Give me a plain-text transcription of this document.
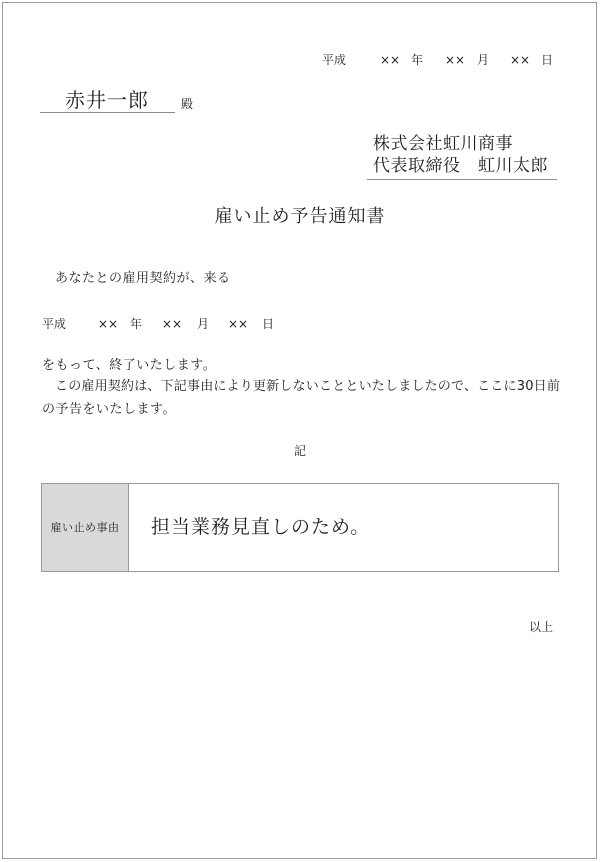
平成	×× 年 ×× 月 ×× 日
赤井一郎	殿
株式会社虹川商事
代表取締役　虹川太郎
雇い止め予告通知書
あなたとの雇用契約が、来る
平成	×× 年 ×× 月 ×× 日
をもって、終了いたします。
この雇用契約は、下記事由により更新しないことといたしましたので、ここに30日前
の予告をいたします。
記
雇い止め事由 担当業務見直しのため。
以上
